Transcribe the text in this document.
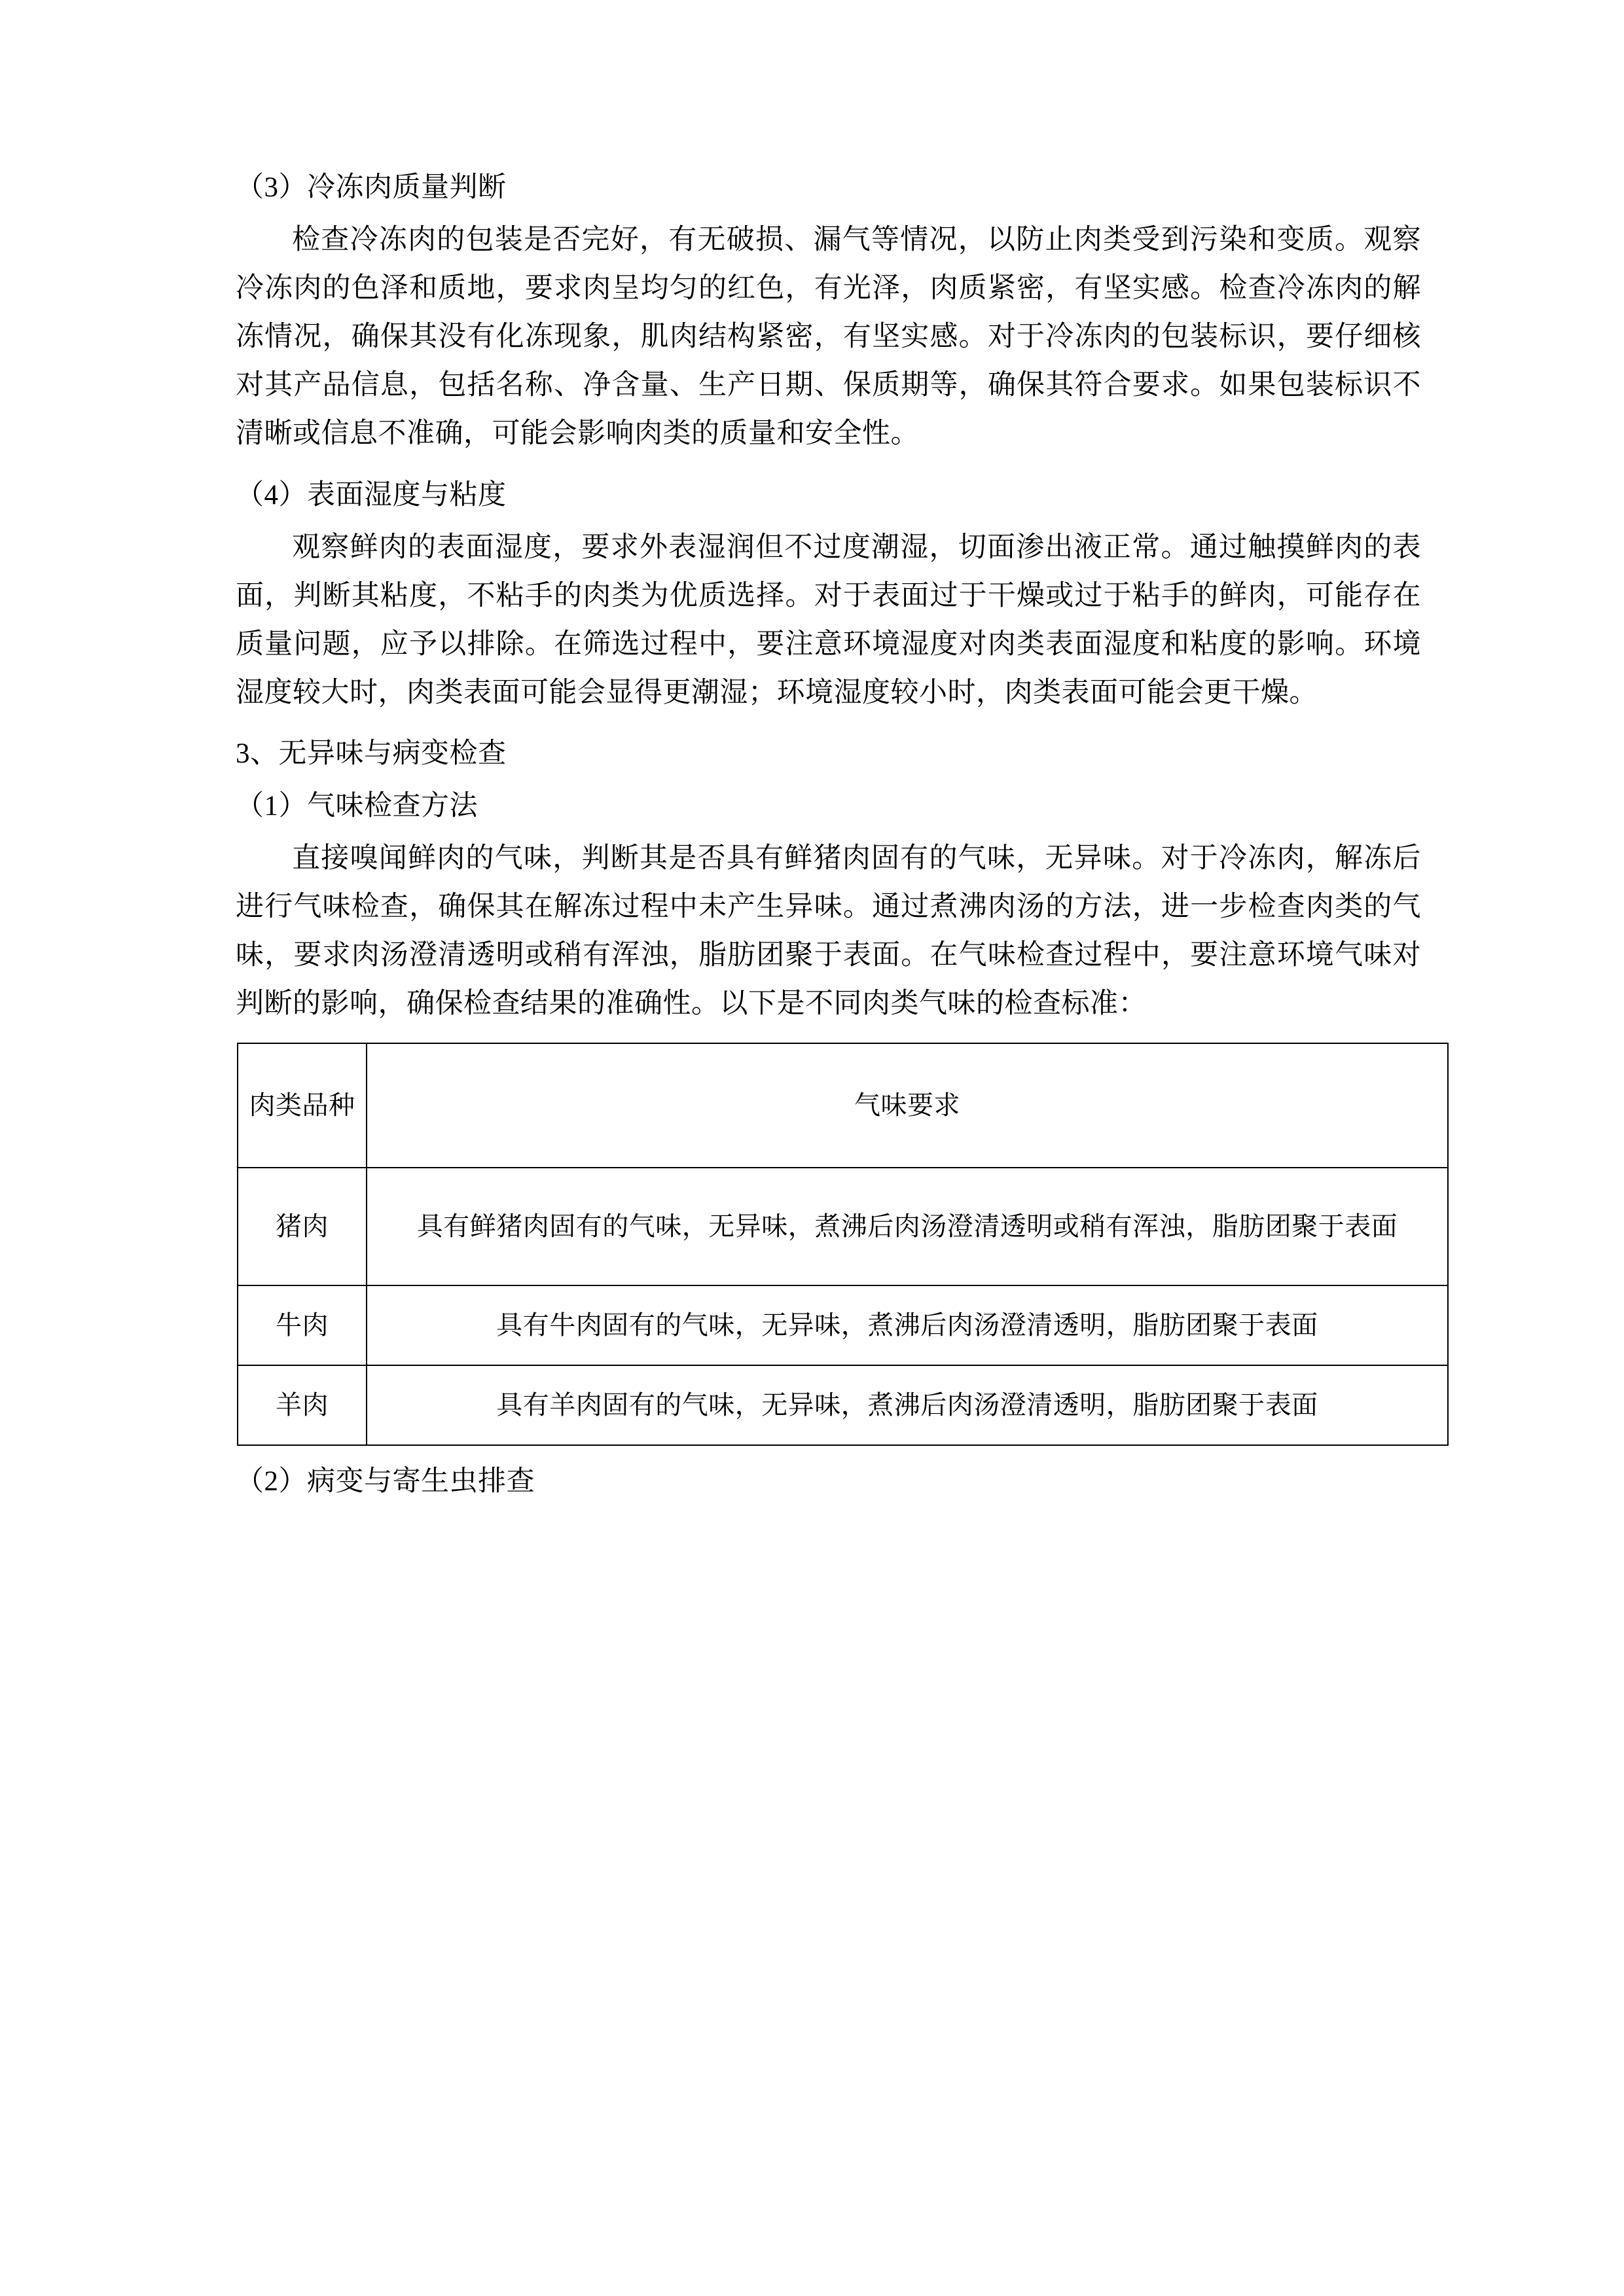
（3）冷冻肉质量判断

检查冷冻肉的包装是否完好，有无破损、漏气等情况，以防止肉类受到污染和变质。观察冷冻肉的色泽和质地，要求肉呈均匀的红色，有光泽，肉质紧密，有坚实感。检查冷冻肉的解冻情况，确保其没有化冻现象，肌肉结构紧密，有坚实感。对于冷冻肉的包装标识，要仔细核对其产品信息，包括名称、净含量、生产日期、保质期等，确保其符合要求。如果包装标识不清晰或信息不准确，可能会影响肉类的质量和安全性。

（4）表面湿度与粘度

观察鲜肉的表面湿度，要求外表湿润但不过度潮湿，切面渗出液正常。通过触摸鲜肉的表面，判断其粘度，不粘手的肉类为优质选择。对于表面过于干燥或过于粘手的鲜肉，可能存在质量问题，应予以排除。在筛选过程中，要注意环境湿度对肉类表面湿度和粘度的影响。环境湿度较大时，肉类表面可能会显得更潮湿；环境湿度较小时，肉类表面可能会更干燥。

3、无异味与病变检查
（1）气味检查方法

直接嗅闻鲜肉的气味，判断其是否具有鲜猪肉固有的气味，无异味。对于冷冻肉，解冻后进行气味检查，确保其在解冻过程中未产生异味。通过煮沸肉汤的方法，进一步检查肉类的气味，要求肉汤澄清透明或稍有浑浊，脂肪团聚于表面。在气味检查过程中，要注意环境气味对判断的影响，确保检查结果的准确性。以下是不同肉类气味的检查标准：

肉类品种	气味要求
猪肉	具有鲜猪肉固有的气味，无异味，煮沸后肉汤澄清透明或稍有浑浊，脂肪团聚于表面
牛肉	具有牛肉固有的气味，无异味，煮沸后肉汤澄清透明，脂肪团聚于表面
羊肉	具有羊肉固有的气味，无异味，煮沸后肉汤澄清透明，脂肪团聚于表面
（2）病变与寄生虫排查
